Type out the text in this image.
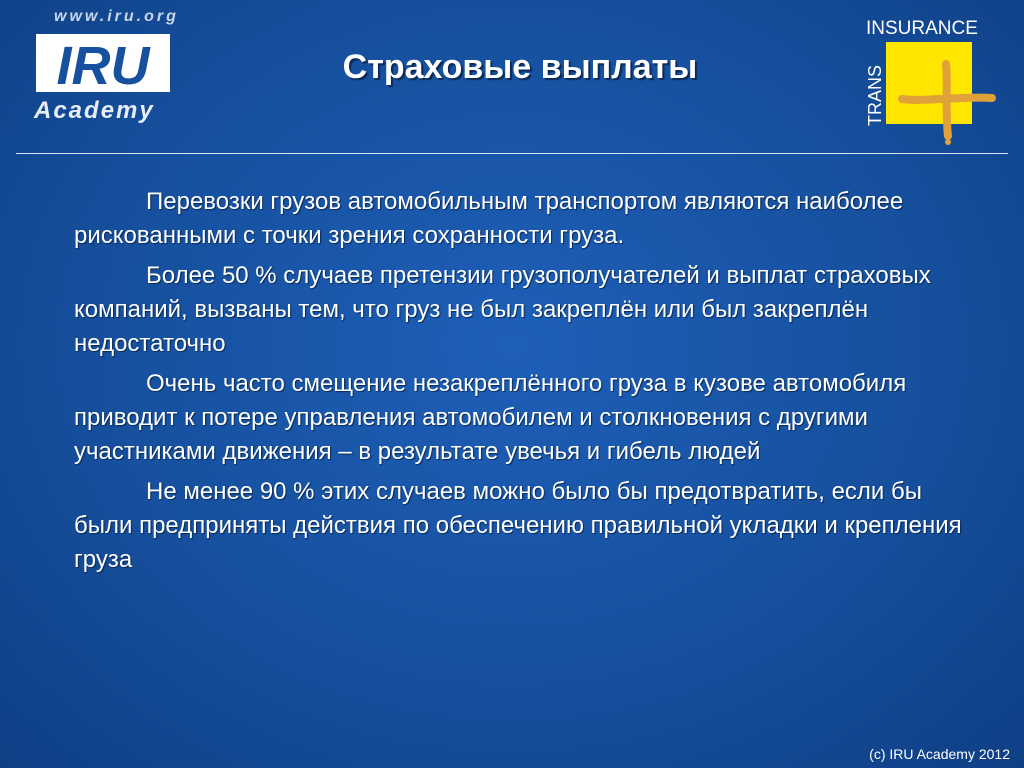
www.iru.org
IRU
Academy
Страховые выплаты
INSURANCE
TRANS

Перевозки грузов автомобильным транспортом являются наиболее рискованными с точки зрения сохранности груза.

Более 50 % случаев претензии грузополучателей и выплат страховых компаний, вызваны тем, что груз не был закреплён или был закреплён недостаточно

Очень часто смещение незакреплённого груза в кузове автомобиля приводит к потере управления автомобилем и столкновения с другими участниками движения – в результате увечья и гибель людей

Не менее 90 % этих случаев можно было бы предотвратить, если бы были предприняты действия по обеспечению правильной укладки и крепления груза

(c) IRU Academy 2012
